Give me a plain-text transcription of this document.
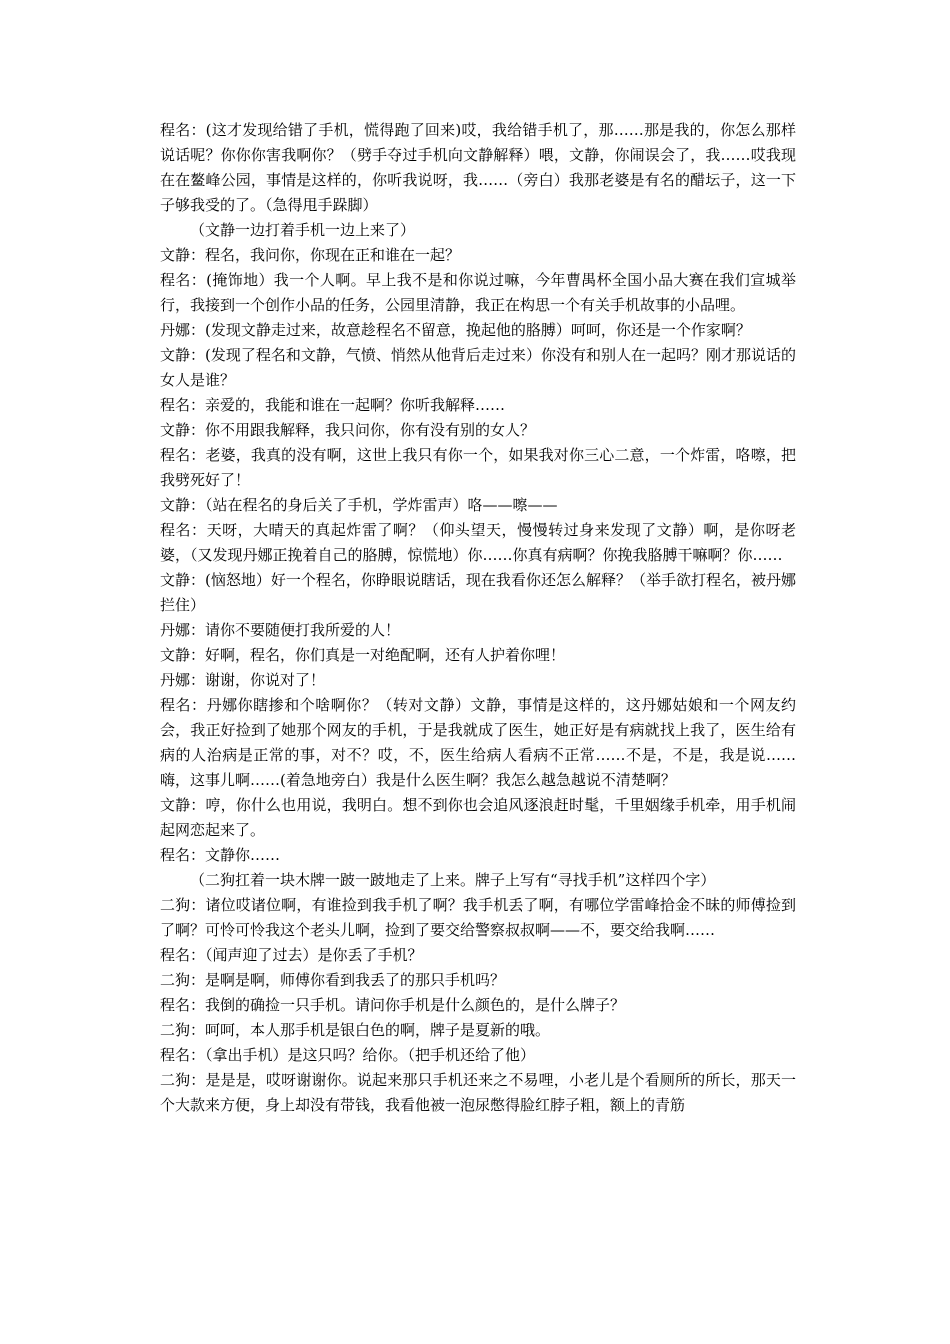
程名：(这才发现给错了手机，慌得跑了回来)哎，我给错手机了，那……那是我的，你怎么那样说话呢？你你你害我啊你？（劈手夺过手机向文静解释）喂，文静，你闹误会了，我……哎我现在在鳌峰公园，事情是这样的，你听我说呀，我……（旁白）我那老婆是有名的醋坛子，这一下子够我受的了。（急得甩手跺脚）

（文静一边打着手机一边上来了）

文静：程名，我问你，你现在正和谁在一起？

程名：(掩饰地）我一个人啊。早上我不是和你说过嘛，今年曹禺杯全国小品大赛在我们宣城举行，我接到一个创作小品的任务，公园里清静，我正在构思一个有关手机故事的小品哩。

丹娜：(发现文静走过来，故意趁程名不留意，挽起他的胳膊）呵呵，你还是一个作家啊？

文静：(发现了程名和文静，气愤、悄然从他背后走过来）你没有和别人在一起吗？刚才那说话的女人是谁？

程名：亲爱的，我能和谁在一起啊？你听我解释……

文静：你不用跟我解释，我只问你，你有没有别的女人？

程名：老婆，我真的没有啊，这世上我只有你一个，如果我对你三心二意，一个炸雷，咯嚓，把我劈死好了！

文静：（站在程名的身后关了手机，学炸雷声）咯——嚓——

程名：天呀，大晴天的真起炸雷了啊？（仰头望天，慢慢转过身来发现了文静）啊，是你呀老婆，（又发现丹娜正挽着自己的胳膊，惊慌地）你……你真有病啊？你挽我胳膊干嘛啊？你……

文静：(恼怒地）好一个程名，你睁眼说瞎话，现在我看你还怎么解释？（举手欲打程名，被丹娜拦住）

丹娜：请你不要随便打我所爱的人！

文静：好啊，程名，你们真是一对绝配啊，还有人护着你哩！

丹娜：谢谢，你说对了！

程名：丹娜你瞎掺和个啥啊你？（转对文静）文静，事情是这样的，这丹娜姑娘和一个网友约会，我正好捡到了她那个网友的手机，于是我就成了医生，她正好是有病就找上我了，医生给有病的人治病是正常的事，对不？哎，不，医生给病人看病不正常……不是，不是，我是说……嗨，这事儿啊……(着急地旁白）我是什么医生啊？我怎么越急越说不清楚啊？

文静：哼，你什么也用说，我明白。想不到你也会追风逐浪赶时髦，千里姻缘手机牵，用手机闹起网恋起来了。

程名：文静你……

（二狗扛着一块木牌一跛一跛地走了上来。牌子上写有“寻找手机”这样四个字）

二狗：诸位哎诸位啊，有谁捡到我手机了啊？我手机丢了啊，有哪位学雷峰拾金不昧的师傅捡到了啊？可怜可怜我这个老头儿啊，捡到了要交给警察叔叔啊——不，要交给我啊……

程名：（闻声迎了过去）是你丢了手机？

二狗：是啊是啊，师傅你看到我丢了的那只手机吗？

程名：我倒的确捡一只手机。请问你手机是什么颜色的，是什么牌子？

二狗：呵呵，本人那手机是银白色的啊，牌子是夏新的哦。

程名：（拿出手机）是这只吗？给你。（把手机还给了他）

二狗：是是是，哎呀谢谢你。说起来那只手机还来之不易哩，小老儿是个看厕所的所长，那天一个大款来方便，身上却没有带钱，我看他被一泡尿憋得脸红脖子粗，额上的青筋
